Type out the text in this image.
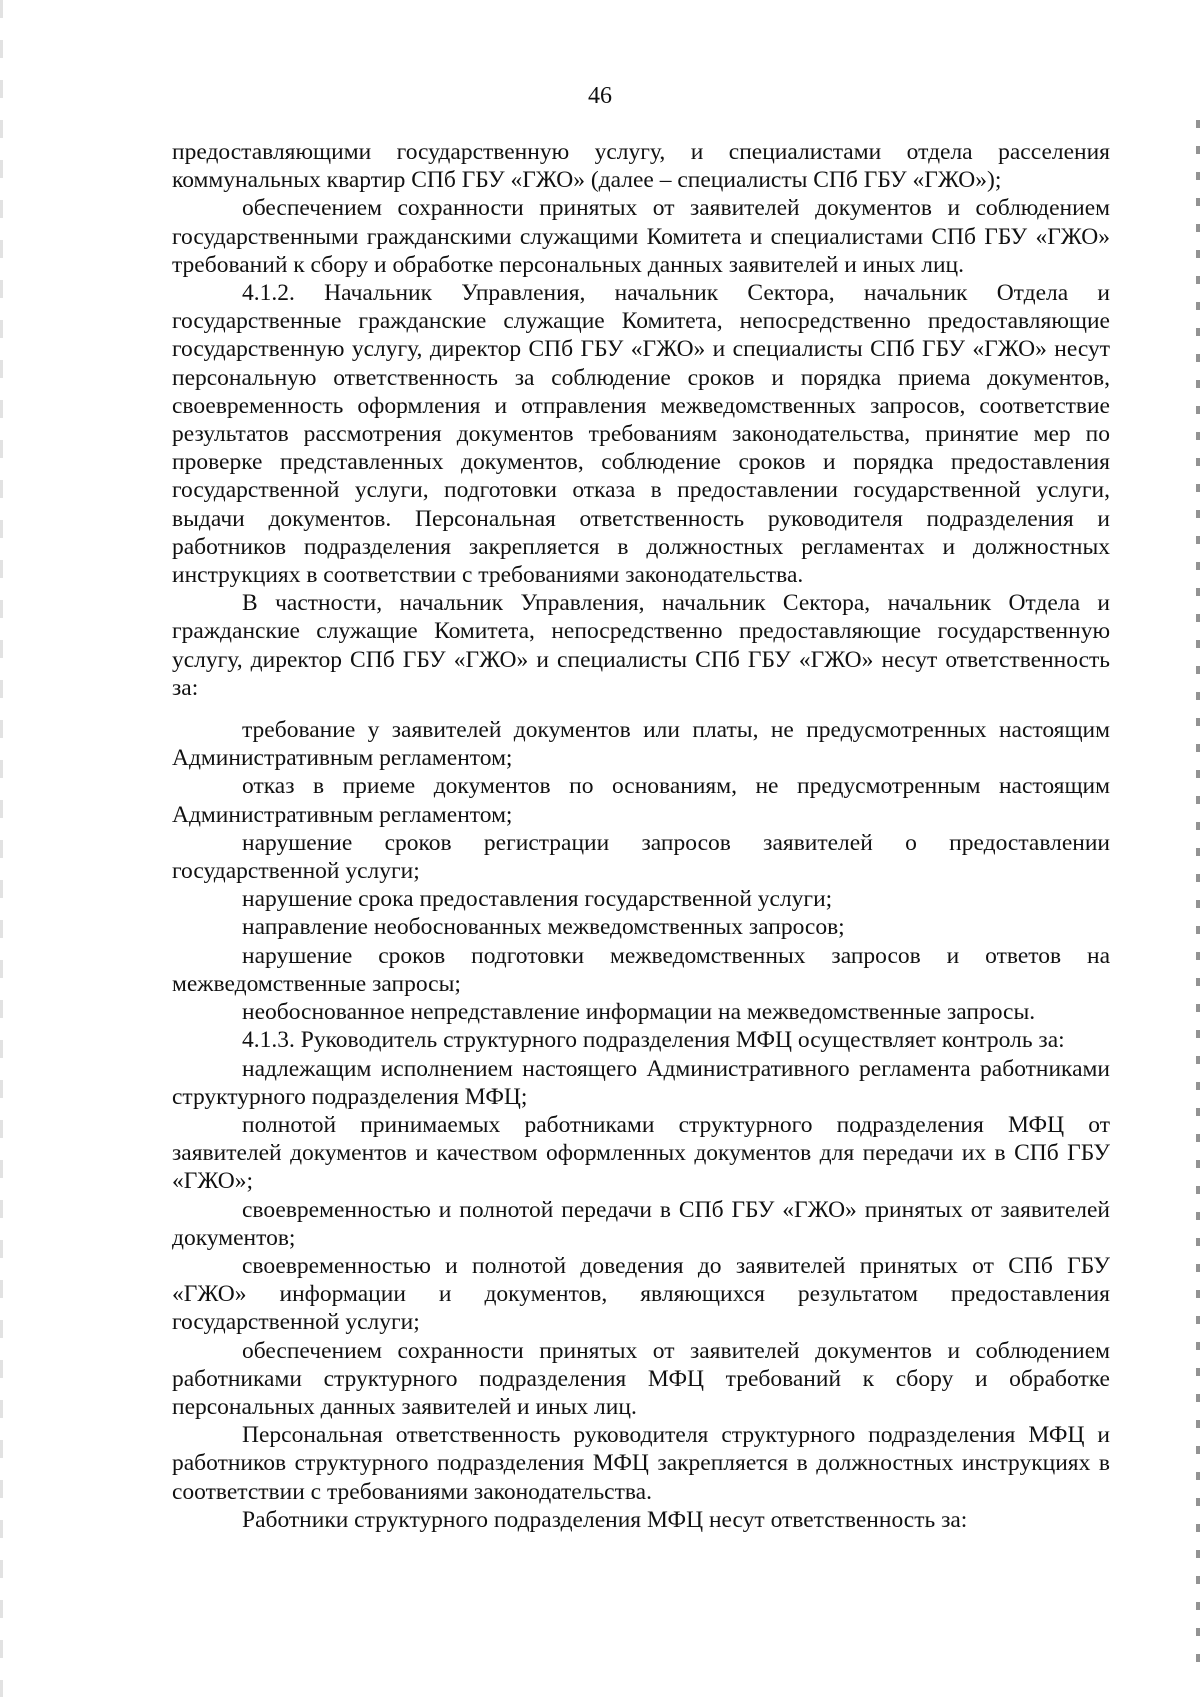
46

предоставляющими государственную услугу, и специалистами отдела расселения коммунальных квартир СПб ГБУ «ГЖО» (далее – специалисты СПб ГБУ «ГЖО»);

обеспечением сохранности принятых от заявителей документов и соблюдением государственными гражданскими служащими Комитета и специалистами СПб ГБУ «ГЖО» требований к сбору и обработке персональных данных заявителей и иных лиц.

4.1.2. Начальник Управления, начальник Сектора, начальник Отдела и государственные гражданские служащие Комитета, непосредственно предоставляющие государственную услугу, директор СПб ГБУ «ГЖО» и специалисты СПб ГБУ «ГЖО» несут персональную ответственность за соблюдение сроков и порядка приема документов, своевременность оформления и отправления межведомственных запросов, соответствие результатов рассмотрения документов требованиям законодательства, принятие мер по проверке представленных документов, соблюдение сроков и порядка предоставления государственной услуги, подготовки отказа в предоставлении государственной услуги, выдачи документов. Персональная ответственность руководителя подразделения и работников подразделения закрепляется в должностных регламентах и должностных инструкциях в соответствии с требованиями законодательства.

В частности, начальник Управления, начальник Сектора, начальник Отдела и гражданские служащие Комитета, непосредственно предоставляющие государственную услугу, директор СПб ГБУ «ГЖО» и специалисты СПб ГБУ «ГЖО» несут ответственность за:

требование у заявителей документов или платы, не предусмотренных настоящим Административным регламентом;

отказ в приеме документов по основаниям, не предусмотренным настоящим Административным регламентом;

нарушение сроков регистрации запросов заявителей о предоставлении государственной услуги;

нарушение срока предоставления государственной услуги;

направление необоснованных межведомственных запросов;

нарушение сроков подготовки межведомственных запросов и ответов на межведомственные запросы;

необоснованное непредставление информации на межведомственные запросы.

4.1.3. Руководитель структурного подразделения МФЦ осуществляет контроль за:

надлежащим исполнением настоящего Административного регламента работниками структурного подразделения МФЦ;

полнотой принимаемых работниками структурного подразделения МФЦ от заявителей документов и качеством оформленных документов для передачи их в СПб ГБУ «ГЖО»;

своевременностью и полнотой передачи в СПб ГБУ «ГЖО» принятых от заявителей документов;

своевременностью и полнотой доведения до заявителей принятых от СПб ГБУ «ГЖО» информации и документов, являющихся результатом предоставления государственной услуги;

обеспечением сохранности принятых от заявителей документов и соблюдением работниками структурного подразделения МФЦ требований к сбору и обработке персональных данных заявителей и иных лиц.

Персональная ответственность руководителя структурного подразделения МФЦ и работников структурного подразделения МФЦ закрепляется в должностных инструкциях в соответствии с требованиями законодательства.

Работники структурного подразделения МФЦ несут ответственность за:
